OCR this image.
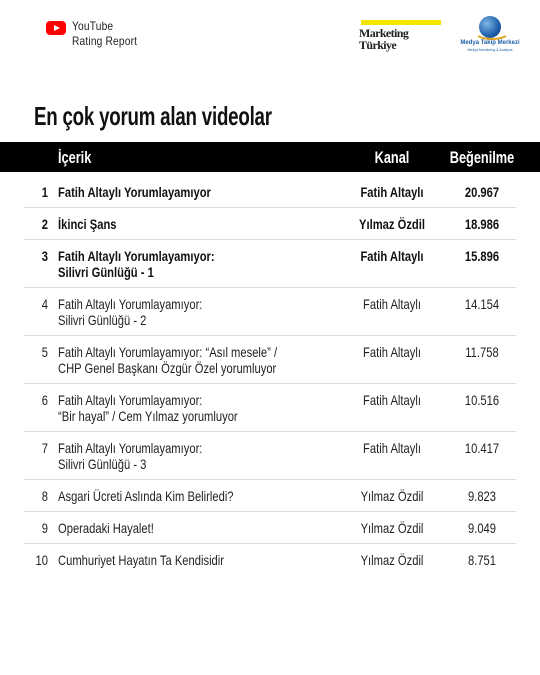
YouTube
Rating Report
Marketing
Türkiye	Medya Takip Merkezi
Medya Monitoring & Analysis
En çok yorum alan videolar
İçerik	Kanal	Beğenilme
1 Fatih Altaylı Yorumlayamıyor	Fatih Altaylı	20.967
2 İkinci Şans	Yılmaz Özdil	18.986
3 Fatih Altaylı Yorumlayamıyor:
Silivri Günlüğü - 1
Fatih Altaylı	15.896
4 Fatih Altaylı Yorumlayamıyor:
Silivri Günlüğü - 2
Fatih Altaylı	14.154
5 Fatih Altaylı Yorumlayamıyor: “Asıl mesele” /
CHP Genel Başkanı Özgür Özel yorumluyor
Fatih Altaylı	11.758
6 Fatih Altaylı Yorumlayamıyor:
“Bir hayal” / Cem Yılmaz yorumluyor
Fatih Altaylı	10.516
7 Fatih Altaylı Yorumlayamıyor:
Silivri Günlüğü - 3
Fatih Altaylı	10.417
8 Asgari Ücreti Aslında Kim Belirledi?	Yılmaz Özdil	9.823
9 Operadaki Hayalet!	Yılmaz Özdil	9.049
10 Cumhuriyet Hayatın Ta Kendisidir	Yılmaz Özdil	8.751
